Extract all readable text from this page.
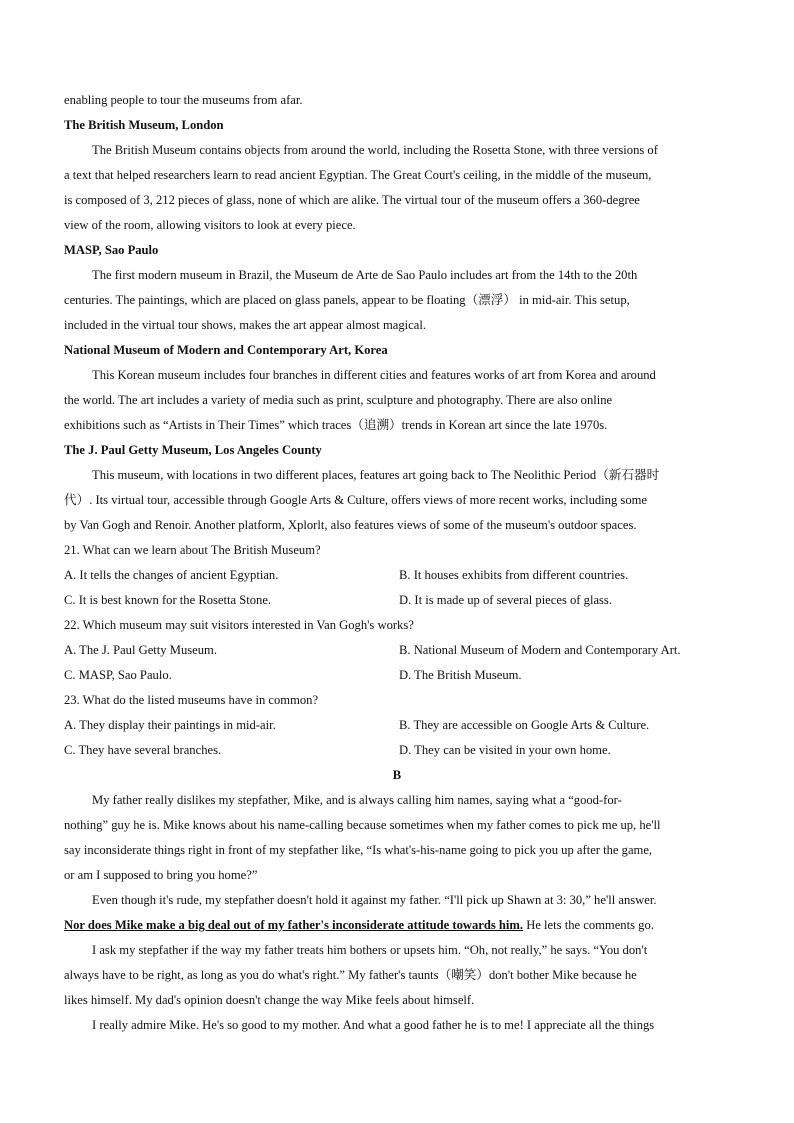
enabling people to tour the museums from afar.
The British Museum, London
The British Museum contains objects from around the world, including the Rosetta Stone, with three versions of
a text that helped researchers learn to read ancient Egyptian. The Great Court's ceiling, in the middle of the museum,
is composed of 3, 212 pieces of glass, none of which are alike. The virtual tour of the museum offers a 360-degree
view of the room, allowing visitors to look at every piece.
MASP, Sao Paulo
The first modern museum in Brazil, the Museum de Arte de Sao Paulo includes art from the 14th to the 20th
centuries. The paintings, which are placed on glass panels, appear to be floating（漂浮） in mid-air. This setup,
included in the virtual tour shows, makes the art appear almost magical.
National Museum of Modern and Contemporary Art, Korea
This Korean museum includes four branches in different cities and features works of art from Korea and around
the world. The art includes a variety of media such as print, sculpture and photography. There are also online
exhibitions such as “Artists in Their Times” which traces（追溯）trends in Korean art since the late 1970s.
The J. Paul Getty Museum, Los Angeles County
This museum, with locations in two different places, features art going back to The Neolithic Period（新石器时
代）. Its virtual tour, accessible through Google Arts & Culture, offers views of more recent works, including some
by Van Gogh and Renoir. Another platform, Xplorlt, also features views of some of the museum's outdoor spaces.
21. What can we learn about The British Museum?
A. It tells the changes of ancient Egyptian.	B. It houses exhibits from different countries.
C. It is best known for the Rosetta Stone.	D. It is made up of several pieces of glass.
22. Which museum may suit visitors interested in Van Gogh's works?
A. The J. Paul Getty Museum.	B. National Museum of Modern and Contemporary Art.
C. MASP, Sao Paulo.	D. The British Museum.
23. What do the listed museums have in common?
A. They display their paintings in mid-air.	B. They are accessible on Google Arts & Culture.
C. They have several branches.	D. They can be visited in your own home.
B
My father really dislikes my stepfather, Mike, and is always calling him names, saying what a “good-for-
nothing” guy he is. Mike knows about his name-calling because sometimes when my father comes to pick me up, he'll
say inconsiderate things right in front of my stepfather like, “Is what's-his-name going to pick you up after the game,
or am I supposed to bring you home?”
Even though it's rude, my stepfather doesn't hold it against my father. “I'll pick up Shawn at 3: 30,” he'll answer.
Nor does Mike make a big deal out of my father's inconsiderate attitude towards him. He lets the comments go.
I ask my stepfather if the way my father treats him bothers or upsets him. “Oh, not really,” he says. “You don't
always have to be right, as long as you do what's right.” My father's taunts（嘲笑）don't bother Mike because he
likes himself. My dad's opinion doesn't change the way Mike feels about himself.
I really admire Mike. He's so good to my mother. And what a good father he is to me! I appreciate all the things
